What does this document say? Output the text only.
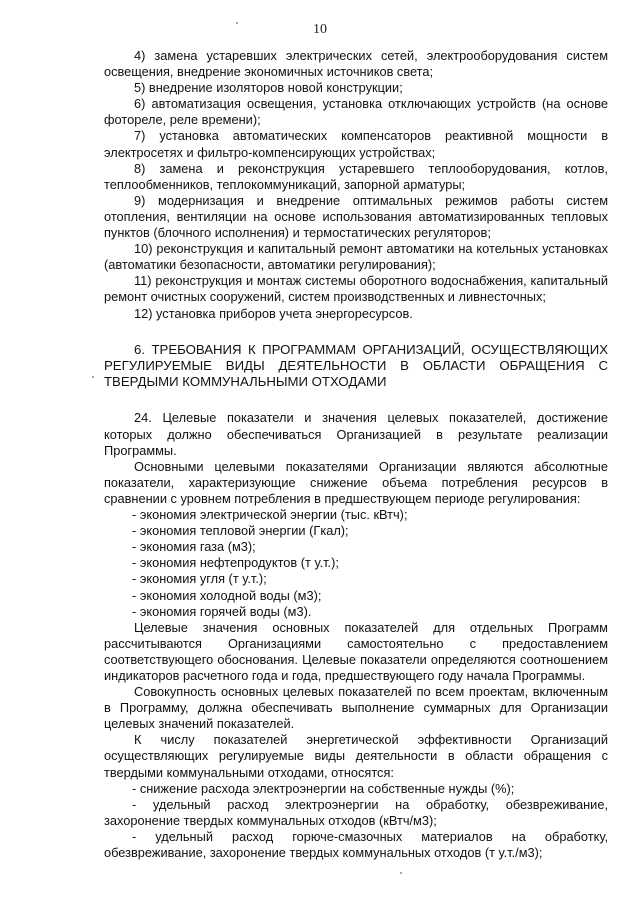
10

4) замена устаревших электрических сетей, электрооборудования систем освещения, внедрение экономичных источников света;

5) внедрение изоляторов новой конструкции;

6) автоматизация освещения, установка отключающих устройств (на основе фотореле, реле времени);

7) установка автоматических компенсаторов реактивной мощности в электросетях и фильтро-компенсирующих устройствах;

8) замена и реконструкция устаревшего теплооборудования, котлов, теплообменников, теплокоммуникаций, запорной арматуры;

9) модернизация и внедрение оптимальных режимов работы систем отопления, вентиляции на основе использования автоматизированных тепловых пунктов (блочного исполнения) и термостатических регуляторов;

10) реконструкция и капитальный ремонт автоматики на котельных установках (автоматики безопасности, автоматики регулирования);

11) реконструкция и монтаж системы оборотного водоснабжения, капитальный ремонт очистных сооружений, систем производственных и ливнесточных;

12) установка приборов учета энергоресурсов.

6. ТРЕБОВАНИЯ К ПРОГРАММАМ ОРГАНИЗАЦИЙ, ОСУЩЕСТВЛЯЮЩИХ РЕГУЛИРУЕМЫЕ ВИДЫ ДЕЯТЕЛЬНОСТИ В ОБЛАСТИ ОБРАЩЕНИЯ С ТВЕРДЫМИ КОММУНАЛЬНЫМИ ОТХОДАМИ

24. Целевые показатели и значения целевых показателей, достижение которых должно обеспечиваться Организацией в результате реализации Программы.

Основными целевыми показателями Организации являются абсолютные показатели, характеризующие снижение объема потребления ресурсов в сравнении с уровнем потребления в предшествующем периоде регулирования:

- экономия электрической энергии (тыс. кВтч);

- экономия тепловой энергии (Гкал);

- экономия газа (м3);

- экономия нефтепродуктов (т у.т.);

- экономия угля (т у.т.);

- экономия холодной воды (м3);

- экономия горячей воды (м3).

Целевые значения основных показателей для отдельных Программ рассчитываются Организациями самостоятельно с предоставлением соответствующего обоснования. Целевые показатели определяются соотношением индикаторов расчетного года и года, предшествующего году начала Программы.

Совокупность основных целевых показателей по всем проектам, включенным в Программу, должна обеспечивать выполнение суммарных для Организации целевых значений показателей.

К числу показателей энергетической эффективности Организаций осуществляющих регулируемые виды деятельности в области обращения с твердыми коммунальными отходами, относятся:

- снижение расхода электроэнергии на собственные нужды (%);

- удельный расход электроэнергии на обработку, обезвреживание, захоронение твердых коммунальных отходов (кВтч/м3);

- удельный расход горюче-смазочных материалов на обработку, обезвреживание, захоронение твердых коммунальных отходов (т у.т./м3);
